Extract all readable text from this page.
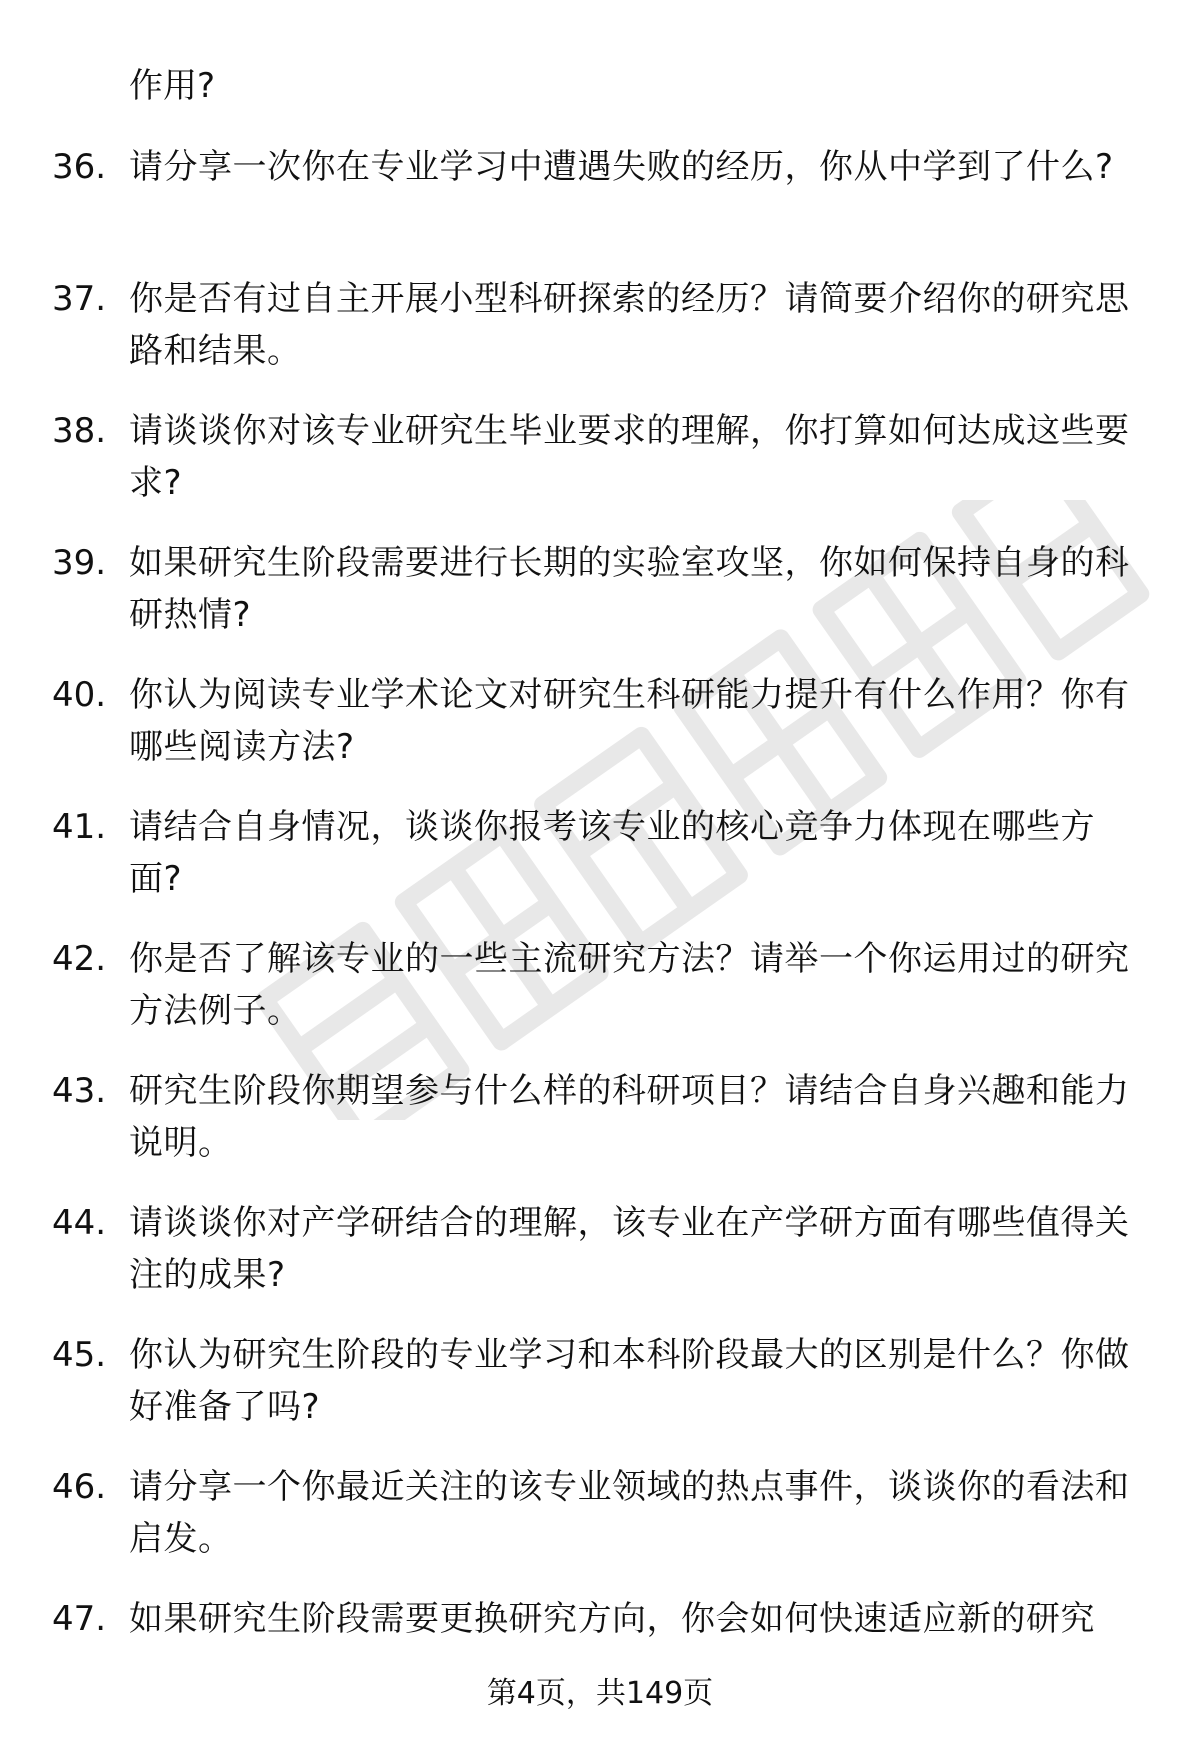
作用?
36. 请分享一次你在专业学习中遭遇失败的经历，你从中学到了什么?
37. 你是否有过自主开展小型科研探索的经历？请简要介绍你的研究思路和结果。
38. 请谈谈你对该专业研究生毕业要求的理解，你打算如何达成这些要求?
39. 如果研究生阶段需要进行长期的实验室攻坚，你如何保持自身的科研热情?
40. 你认为阅读专业学术论文对研究生科研能力提升有什么作用？你有哪些阅读方法?
41. 请结合自身情况，谈谈你报考该专业的核心竞争力体现在哪些方面?
42. 你是否了解该专业的一些主流研究方法？请举一个你运用过的研究方法例子。
43. 研究生阶段你期望参与什么样的科研项目？请结合自身兴趣和能力说明。
44. 请谈谈你对产学研结合的理解，该专业在产学研方面有哪些值得关注的成果?
45. 你认为研究生阶段的专业学习和本科阶段最大的区别是什么？你做好准备了吗?
46. 请分享一个你最近关注的该专业领域的热点事件，谈谈你的看法和启发。
47. 如果研究生阶段需要更换研究方向，你会如何快速适应新的研究
第4页，共149页
